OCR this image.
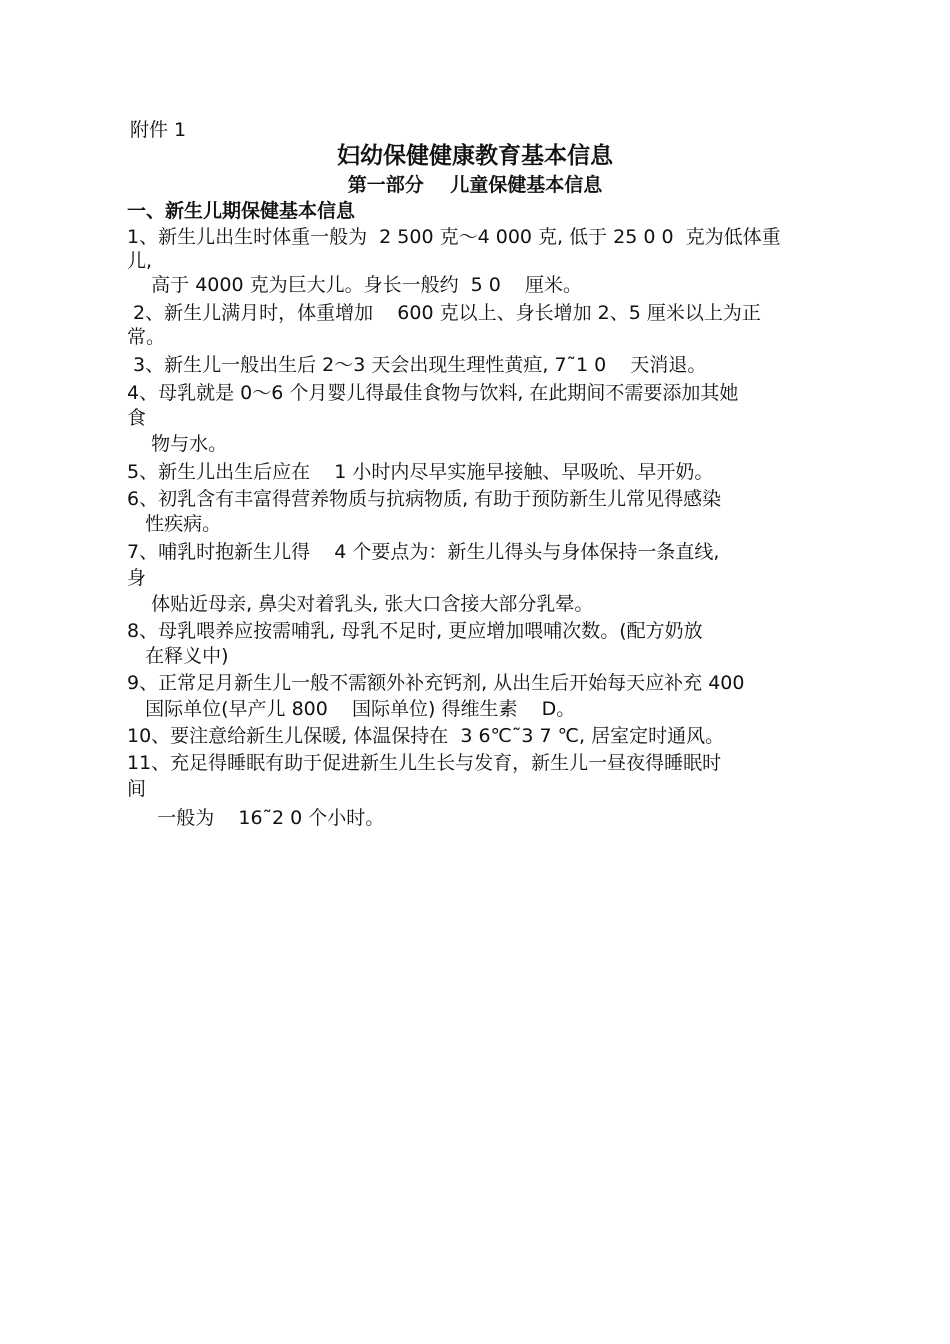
附件 1
妇幼保健健康教育基本信息
第一部分    儿童保健基本信息
一、新生儿期保健基本信息
1、新生儿出生时体重一般为  2 500 克～4 000 克, 低于 25 0 0  克为低体重
儿,
高于 4000 克为巨大儿。身长一般约  5 0    厘米。
2、新生儿满月时，体重增加    600 克以上、身长增加 2、5 厘米以上为正
常。
3、新生儿一般出生后 2～3 天会出现生理性黄疸, 7˜1 0    天消退。
4、母乳就是 0～6 个月婴儿得最佳食物与饮料, 在此期间不需要添加其她
食
物与水。
5、新生儿出生后应在    1 小时内尽早实施早接触、早吸吮、早开奶。
6、初乳含有丰富得营养物质与抗病物质, 有助于预防新生儿常见得感染
性疾病。
7、哺乳时抱新生儿得    4 个要点为：新生儿得头与身体保持一条直线,
身
体贴近母亲, 鼻尖对着乳头, 张大口含接大部分乳晕。
8、母乳喂养应按需哺乳, 母乳不足时, 更应增加喂哺次数。(配方奶放
在释义中)
9、正常足月新生儿一般不需额外补充钙剂, 从出生后开始每天应补充 400
国际单位(早产儿 800    国际单位) 得维生素    D。
10、要注意给新生儿保暖, 体温保持在  3 6℃˜3 7 ℃, 居室定时通风。
11、充足得睡眠有助于促进新生儿生长与发育，新生儿一昼夜得睡眠时
间
一般为    16˜2 0 个小时。
